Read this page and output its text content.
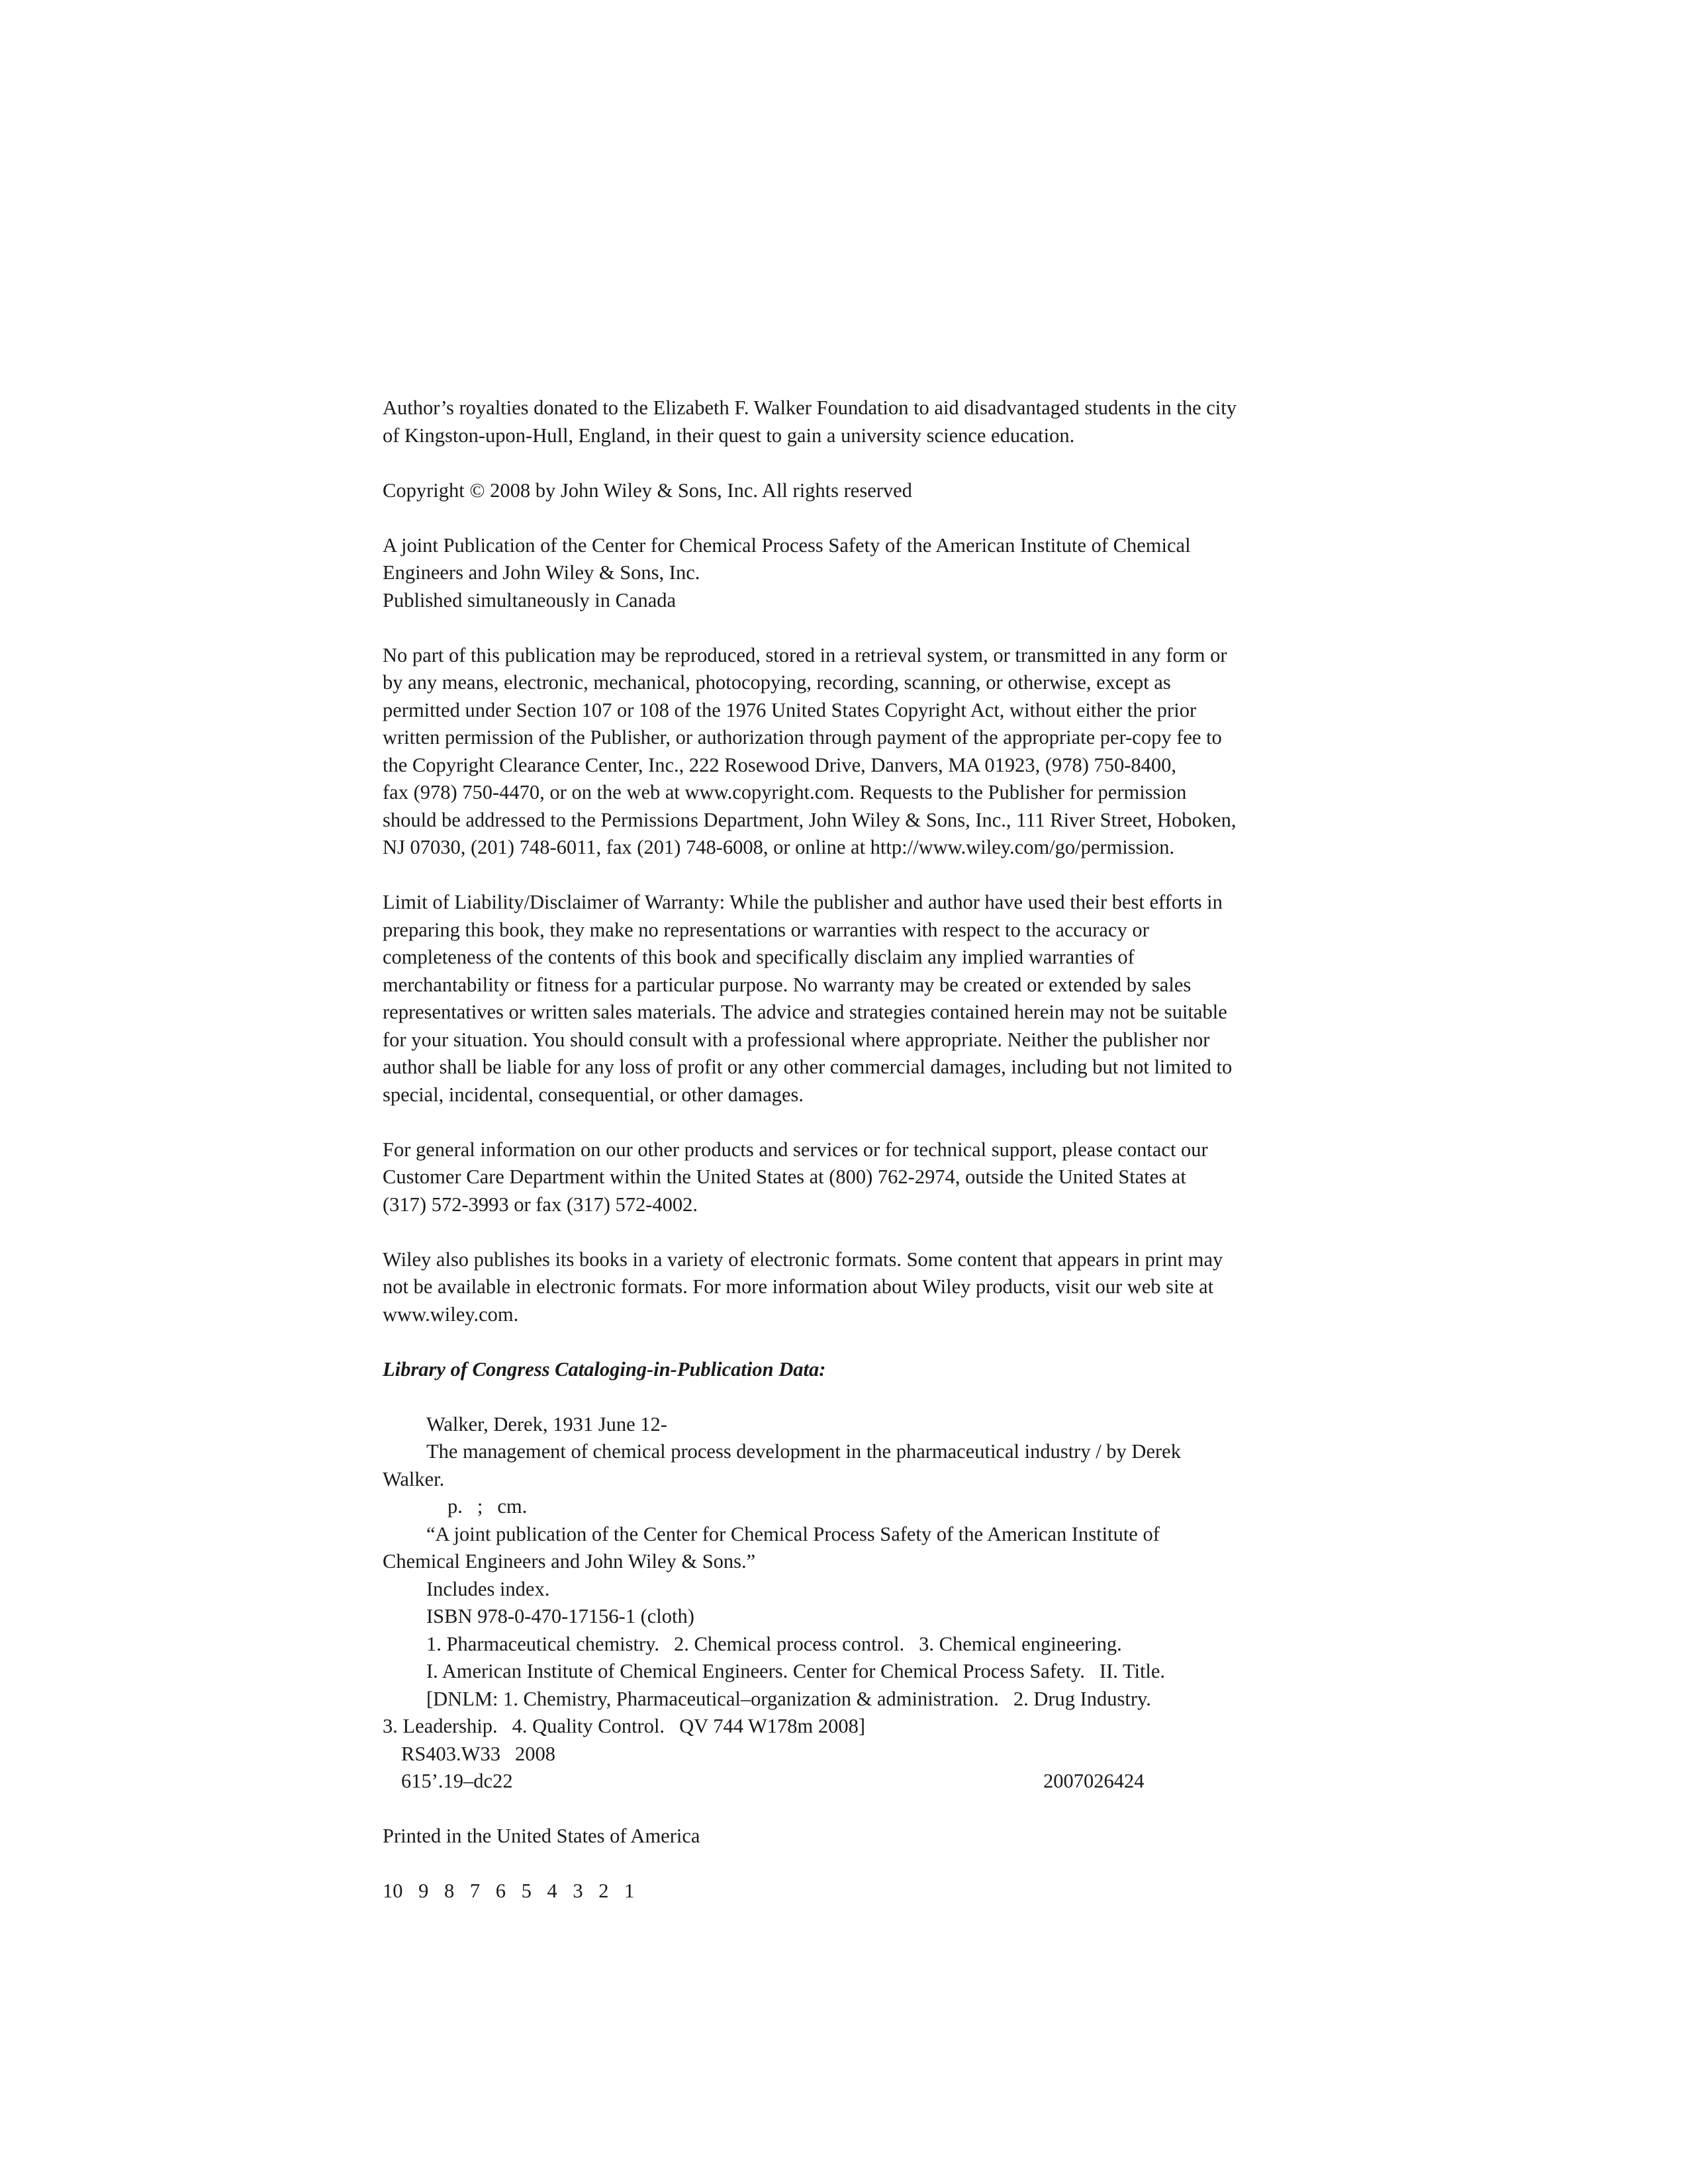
Author’s royalties donated to the Elizabeth F. Walker Foundation to aid disadvantaged students in the city
of Kingston-upon-Hull, England, in their quest to gain a university science education.
Copyright © 2008 by John Wiley & Sons, Inc. All rights reserved
A joint Publication of the Center for Chemical Process Safety of the American Institute of Chemical
Engineers and John Wiley & Sons, Inc.
Published simultaneously in Canada
No part of this publication may be reproduced, stored in a retrieval system, or transmitted in any form or
by any means, electronic, mechanical, photocopying, recording, scanning, or otherwise, except as
permitted under Section 107 or 108 of the 1976 United States Copyright Act, without either the prior
written permission of the Publisher, or authorization through payment of the appropriate per-copy fee to
the Copyright Clearance Center, Inc., 222 Rosewood Drive, Danvers, MA 01923, (978) 750-8400,
fax (978) 750-4470, or on the web at www.copyright.com. Requests to the Publisher for permission
should be addressed to the Permissions Department, John Wiley & Sons, Inc., 111 River Street, Hoboken,
NJ 07030, (201) 748-6011, fax (201) 748-6008, or online at http://www.wiley.com/go/permission.
Limit of Liability/Disclaimer of Warranty: While the publisher and author have used their best efforts in
preparing this book, they make no representations or warranties with respect to the accuracy or
completeness of the contents of this book and specifically disclaim any implied warranties of
merchantability or fitness for a particular purpose. No warranty may be created or extended by sales
representatives or written sales materials. The advice and strategies contained herein may not be suitable
for your situation. You should consult with a professional where appropriate. Neither the publisher nor
author shall be liable for any loss of profit or any other commercial damages, including but not limited to
special, incidental, consequential, or other damages.
For general information on our other products and services or for technical support, please contact our
Customer Care Department within the United States at (800) 762-2974, outside the United States at
(317) 572-3993 or fax (317) 572-4002.
Wiley also publishes its books in a variety of electronic formats. Some content that appears in print may
not be available in electronic formats. For more information about Wiley products, visit our web site at
www.wiley.com.
Library of Congress Cataloging-in-Publication Data:
Walker, Derek, 1931 June 12-
The management of chemical process development in the pharmaceutical industry / by Derek
Walker.
p. ; cm.
“A joint publication of the Center for Chemical Process Safety of the American Institute of
Chemical Engineers and John Wiley & Sons.”
Includes index.
ISBN 978-0-470-17156-1 (cloth)
1. Pharmaceutical chemistry. 2. Chemical process control. 3. Chemical engineering.
I. American Institute of Chemical Engineers. Center for Chemical Process Safety. II. Title.
[DNLM: 1. Chemistry, Pharmaceutical–organization & administration. 2. Drug Industry.
3. Leadership. 4. Quality Control. QV 744 W178m 2008]
RS403.W33 2008
615’.19–dc22	2007026424
Printed in the United States of America
10 9 8 7 6 5 4 3 2 1
